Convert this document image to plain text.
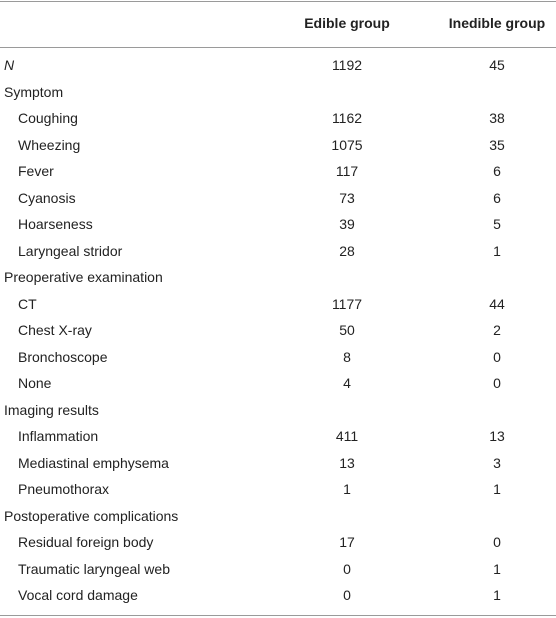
	Edible group	Inedible group

N	1192	45
Symptom		
Coughing	1162	38
Wheezing	1075	35
Fever	117	6
Cyanosis	73	6
Hoarseness	39	5
Laryngeal stridor	28	1
Preoperative examination		
CT	1177	44
Chest X-ray	50	2
Bronchoscope	8	0
None	4	0
Imaging results		
Inflammation	411	13
Mediastinal emphysema	13	3
Pneumothorax	1	1
Postoperative complications		
Residual foreign body	17	0
Traumatic laryngeal web	0	1
Vocal cord damage	0	1
